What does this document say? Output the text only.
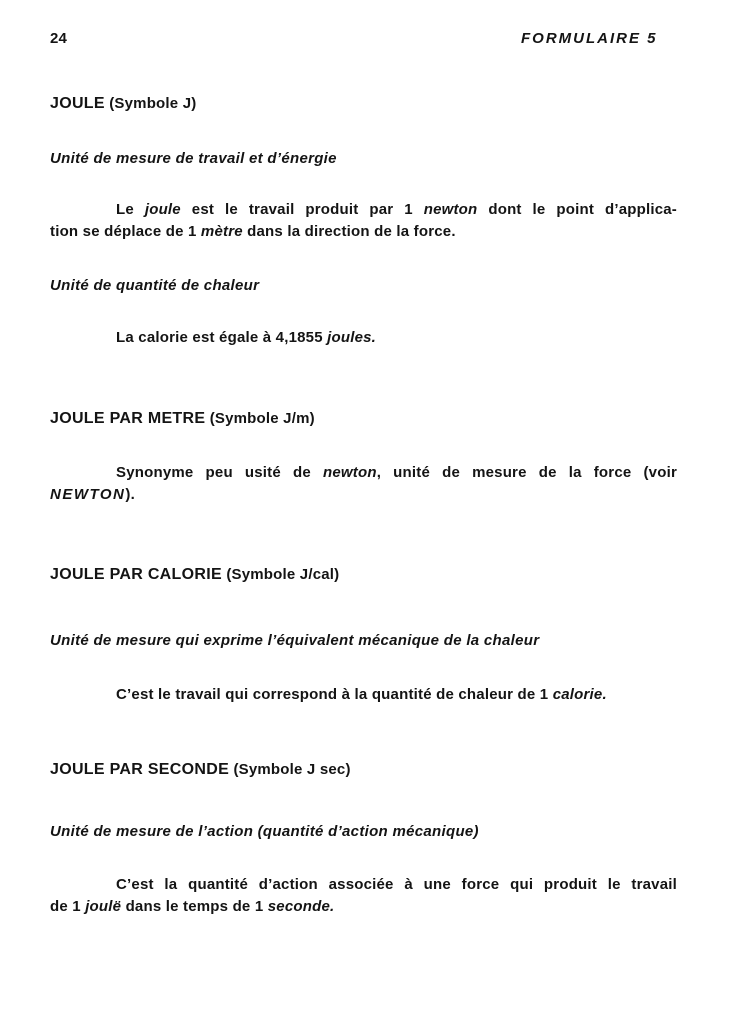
24	FORMULAIRE 5
JOULE (Symbole J)
Unité de mesure de travail et d’énergie
Le joule est le travail produit par 1 newton dont le point d’applica-
tion se déplace de 1 mètre dans la direction de la force.
Unité de quantité de chaleur
La calorie est égale à 4,1855 joules.
JOULE PAR METRE (Symbole J/m)
Synonyme peu usité de newton, unité de mesure de la force (voir
NEWTON).
JOULE PAR CALORIE (Symbole J/cal)
Unité de mesure qui exprime l’équivalent mécanique de la chaleur
C’est le travail qui correspond à la quantité de chaleur de 1 calorie.
JOULE PAR SECONDE (Symbole J sec)
Unité de mesure de l’action (quantité d’action mécanique)
C’est la quantité d’action associée à une force qui produit le travail
de 1 joulë dans le temps de 1 seconde.
